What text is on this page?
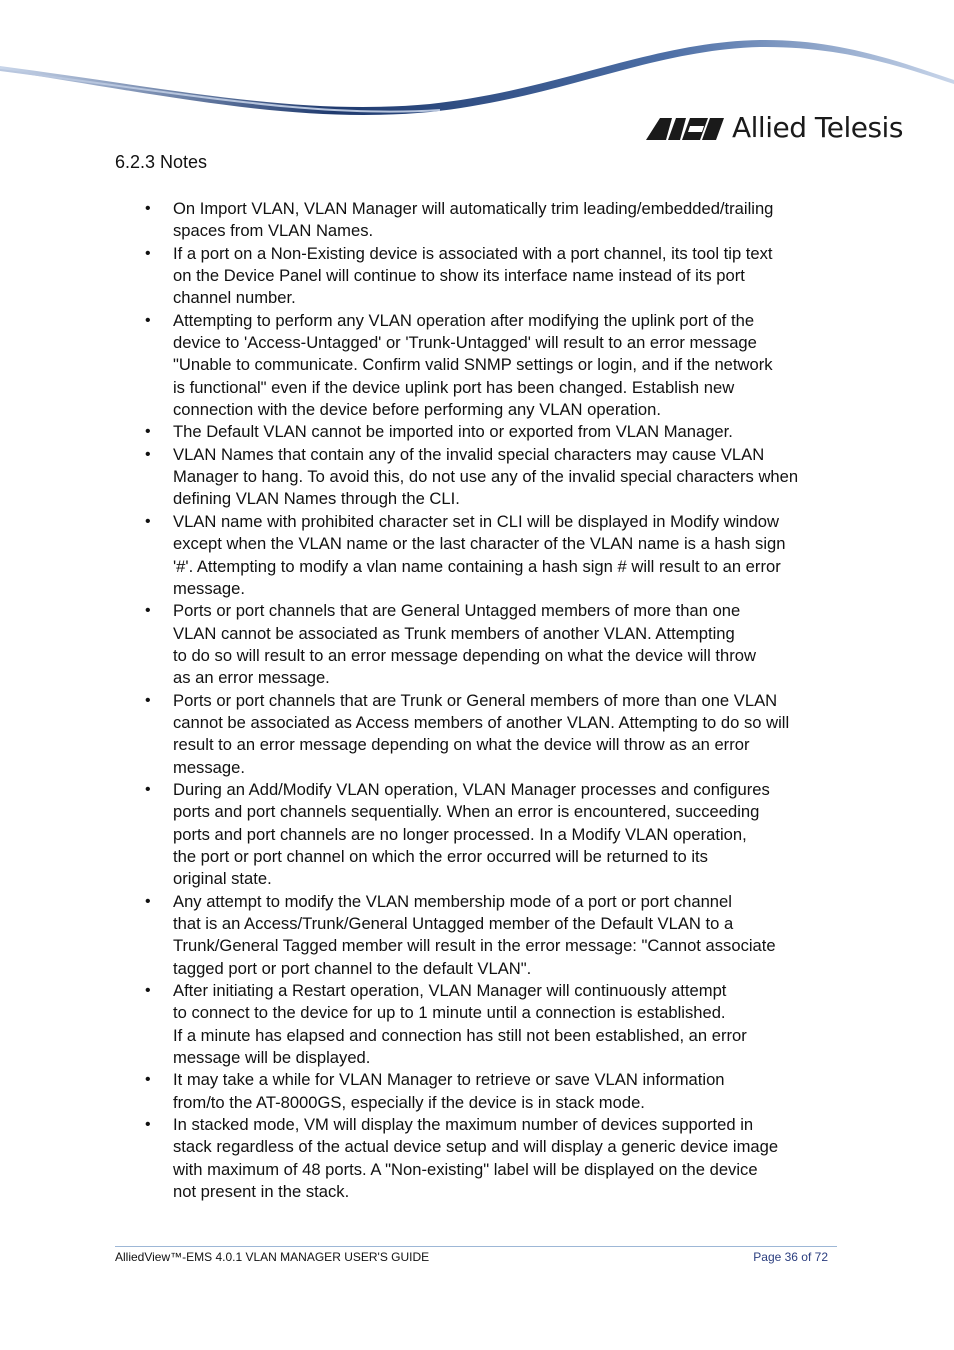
Allied Telesis
6.2.3 Notes
• On Import VLAN, VLAN Manager will automatically trim leading/embedded/trailing
spaces from VLAN Names.
• If a port on a Non-Existing device is associated with a port channel, its tool tip text
on the Device Panel will continue to show its interface name instead of its port
channel number.
• Attempting to perform any VLAN operation after modifying the uplink port of the
device to 'Access-Untagged' or 'Trunk-Untagged' will result to an error message
"Unable to communicate. Confirm valid SNMP settings or login, and if the network
is functional" even if the device uplink port has been changed. Establish new
connection with the device before performing any VLAN operation.
• The Default VLAN cannot be imported into or exported from VLAN Manager.
• VLAN Names that contain any of the invalid special characters may cause VLAN
Manager to hang. To avoid this, do not use any of the invalid special characters when
defining VLAN Names through the CLI.
• VLAN name with prohibited character set in CLI will be displayed in Modify window
except when the VLAN name or the last character of the VLAN name is a hash sign
'#'. Attempting to modify a vlan name containing a hash sign # will result to an error
message.
• Ports or port channels that are General Untagged members of more than one
VLAN cannot be associated as Trunk members of another VLAN. Attempting
to do so will result to an error message depending on what the device will throw
as an error message.
• Ports or port channels that are Trunk or General members of more than one VLAN
cannot be associated as Access members of another VLAN. Attempting to do so will
result to an error message depending on what the device will throw as an error
message.
• During an Add/Modify VLAN operation, VLAN Manager processes and configures
ports and port channels sequentially. When an error is encountered, succeeding
ports and port channels are no longer processed. In a Modify VLAN operation,
the port or port channel on which the error occurred will be returned to its
original state.
• Any attempt to modify the VLAN membership mode of a port or port channel
that is an Access/Trunk/General Untagged member of the Default VLAN to a
Trunk/General Tagged member will result in the error message: "Cannot associate
tagged port or port channel to the default VLAN".
• After initiating a Restart operation, VLAN Manager will continuously attempt
to connect to the device for up to 1 minute until a connection is established.
If a minute has elapsed and connection has still not been established, an error
message will be displayed.
• It may take a while for VLAN Manager to retrieve or save VLAN information
from/to the AT-8000GS, especially if the device is in stack mode.
• In stacked mode, VM will display the maximum number of devices supported in
stack regardless of the actual device setup and will display a generic device image
with maximum of 48 ports. A "Non-existing" label will be displayed on the device
not present in the stack.
AlliedView™-EMS 4.0.1 VLAN MANAGER USER'S GUIDE	Page 36 of 72
